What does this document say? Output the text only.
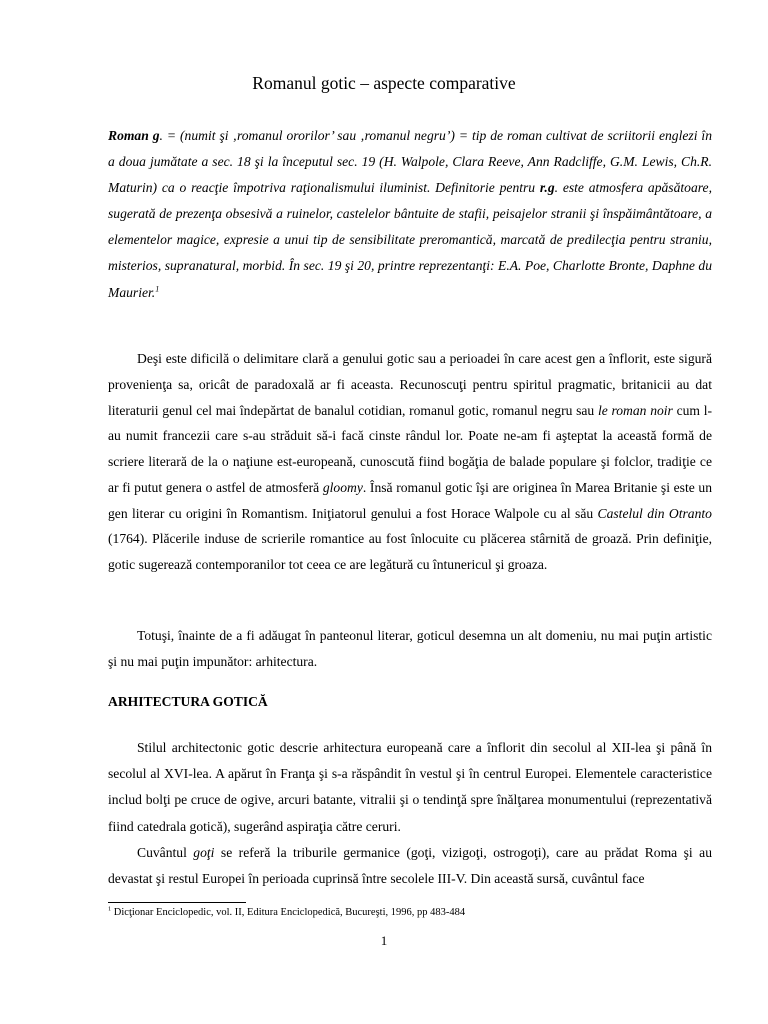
Romanul gotic – aspecte comparative

Roman g. = (numit şi ‚romanul ororilor’ sau ‚romanul negru’) = tip de roman cultivat de scriitorii englezi în a doua jumătate a sec. 18 şi la începutul sec. 19 (H. Walpole, Clara Reeve, Ann Radcliffe, G.M. Lewis, Ch.R. Maturin) ca o reacţie împotriva raţionalismului iluminist. Definitorie pentru r.g. este atmosfera apăsătoare, sugerată de prezenţa obsesivă a ruinelor, castelelor bântuite de stafii, peisajelor stranii şi înspăimântătoare, a elementelor magice, expresie a unui tip de sensibilitate preromantică, marcată de predilecţia pentru straniu, misterios, supranatural, morbid. În sec. 19 şi 20, printre reprezentanţi: E.A. Poe, Charlotte Bronte, Daphne du Maurier.$^1$

Deşi este dificilă o delimitare clară a genului gotic sau a perioadei în care acest gen a înflorit, este sigură provenienţa sa, oricât de paradoxală ar fi aceasta. Recunoscuţi pentru spiritul pragmatic, britanicii au dat literaturii genul cel mai îndepărtat de banalul cotidian, romanul gotic, romanul negru sau le roman noir cum l-au numit francezii care s-au străduit să-i facă cinste rândul lor. Poate ne-am fi aşteptat la această formă de scriere literară de la o naţiune est-europeană, cunoscută fiind bogăţia de balade populare şi folclor, tradiţie ce ar fi putut genera o astfel de atmosferă gloomy. Însă romanul gotic îşi are originea în Marea Britanie şi este un gen literar cu origini în Romantism. Iniţiatorul genului a fost Horace Walpole cu al său Castelul din Otranto (1764). Plăcerile induse de scrierile romantice au fost înlocuite cu plăcerea stârnită de groază. Prin definiţie, gotic sugerează contemporanilor tot ceea ce are legătură cu întunericul şi groaza.

Totuşi, înainte de a fi adăugat în panteonul literar, goticul desemna un alt domeniu, nu mai puţin artistic şi nu mai puţin impunător: arhitectura.

ARHITECTURA GOTICĂ

Stilul architectonic gotic descrie arhitectura europeană care a înflorit din secolul al XII-lea şi până în secolul al XVI-lea. A apărut în Franţa şi s-a răspândit în vestul şi în centrul Europei. Elementele caracteristice includ bolţi pe cruce de ogive, arcuri batante, vitralii şi o tendinţă spre înălţarea monumentului (reprezentativă fiind catedrala gotică), sugerând aspiraţia către ceruri.

Cuvântul goţi se referă la triburile germanice (goţi, vizigoţi, ostrogoţi), care au prădat Roma şi au devastat şi restul Europei în perioada cuprinsă între secolele III-V. Din această sursă, cuvântul face

$^1$ Dicţionar Enciclopedic, vol. II, Editura Enciclopedică, Bucureşti, 1996, pp 483-484

1
